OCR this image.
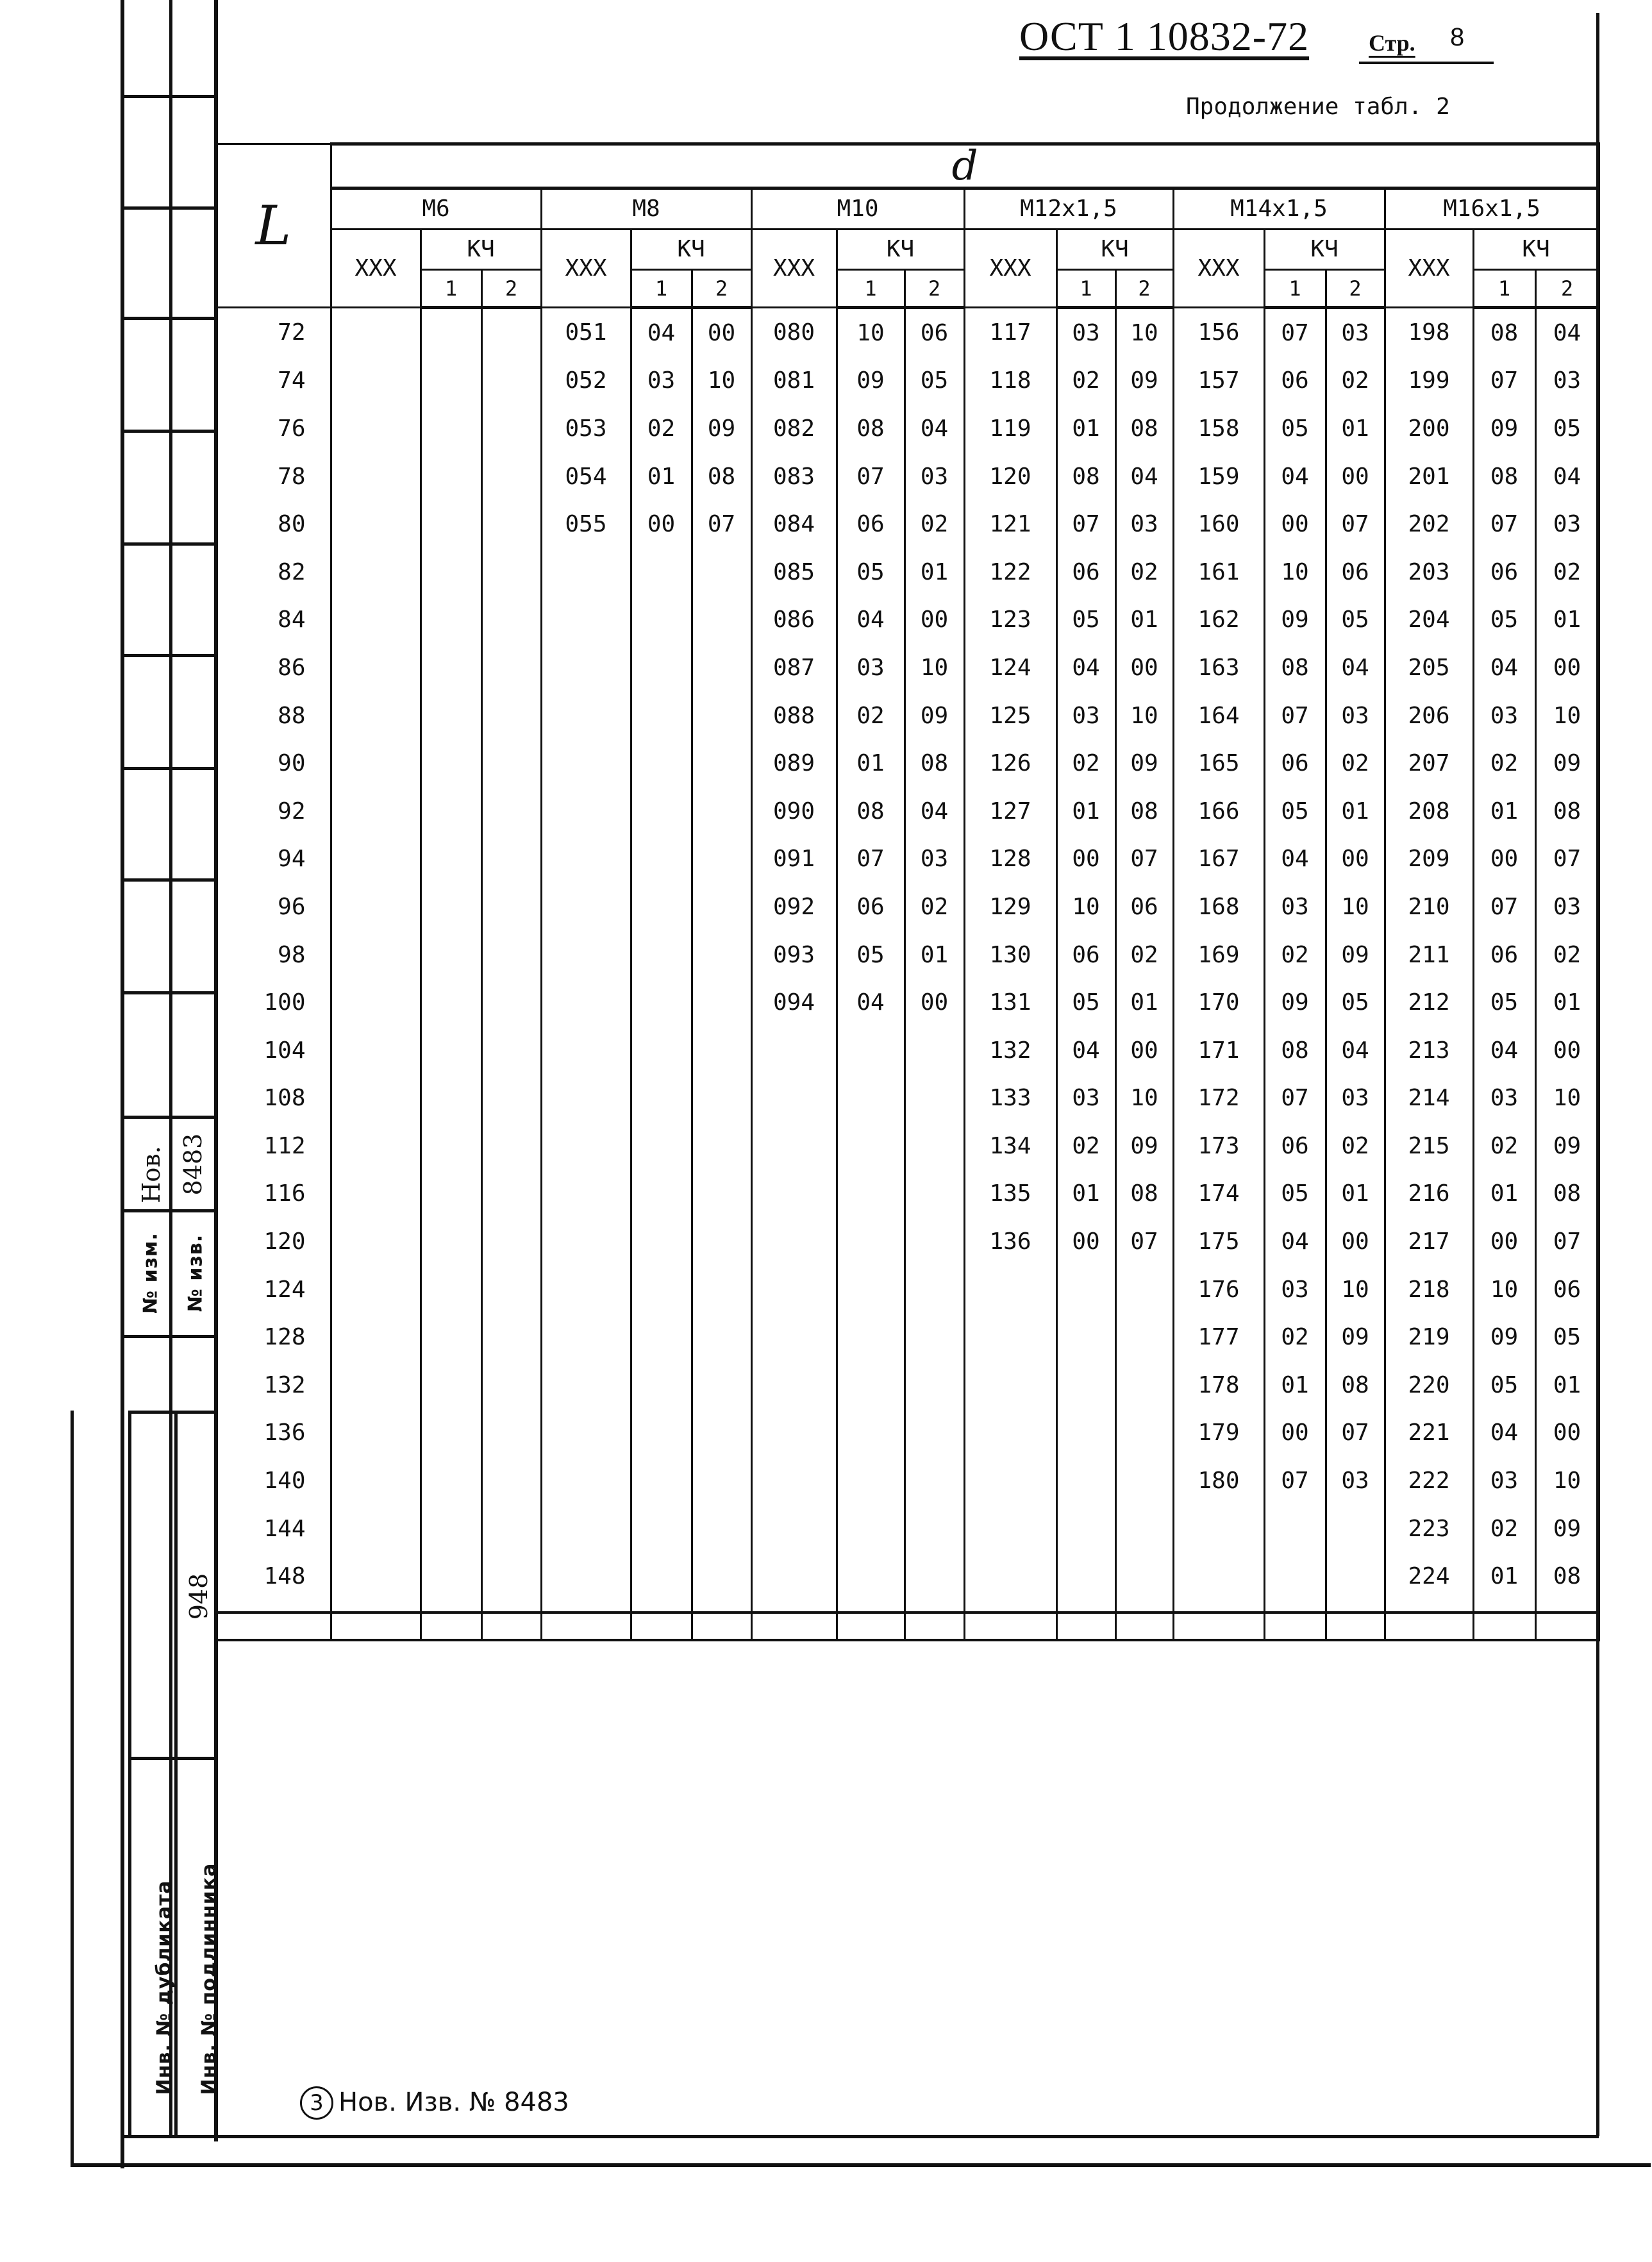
ОСТ 1 10832-72	Стр. 8
Продолжение табл. 2
L	d																	
	M6			M8			M10			M12x1,5			M14x1,5			M16x1,5		
	XXX	КЧ		XXX	КЧ		XXX	КЧ		XXX	КЧ		XXX	КЧ		XXX	КЧ	
		1	2		1	2		1	2		1	2		1	2		1	2
72				051	04	00	080	10	06	117	03	10	156	07	03	198	08	04
74				052	03	10	081	09	05	118	02	09	157	06	02	199	07	03
76				053	02	09	082	08	04	119	01	08	158	05	01	200	09	05
78				054	01	08	083	07	03	120	08	04	159	04	00	201	08	04
80				055	00	07	084	06	02	121	07	03	160	00	07	202	07	03
82							085	05	01	122	06	02	161	10	06	203	06	02
84							086	04	00	123	05	01	162	09	05	204	05	01
86							087	03	10	124	04	00	163	08	04	205	04	00
88							088	02	09	125	03	10	164	07	03	206	03	10
90							089	01	08	126	02	09	165	06	02	207	02	09
92							090	08	04	127	01	08	166	05	01	208	01	08
94							091	07	03	128	00	07	167	04	00	209	00	07
96							092	06	02	129	10	06	168	03	10	210	07	03
98							093	05	01	130	06	02	169	02	09	211	06	02
100							094	04	00	131	05	01	170	09	05	212	05	01
104										132	04	00	171	08	04	213	04	00
108										133	03	10	172	07	03	214	03	10
112										134	02	09	173	06	02	215	02	09
116										135	01	08	174	05	01	216	01	08
120										136	00	07	175	04	00	217	00	07
124													176	03	10	218	10	06
128													177	02	09	219	09	05
132													178	01	08	220	05	01
136													179	00	07	221	04	00
140													180	07	03	222	03	10
144																223	02	09
148																224	01	08

Нов. 8483
№ изм. № изв.
948
Инв. № дубликата Инв. № подлинника
3 Нов. Изв. № 8483
